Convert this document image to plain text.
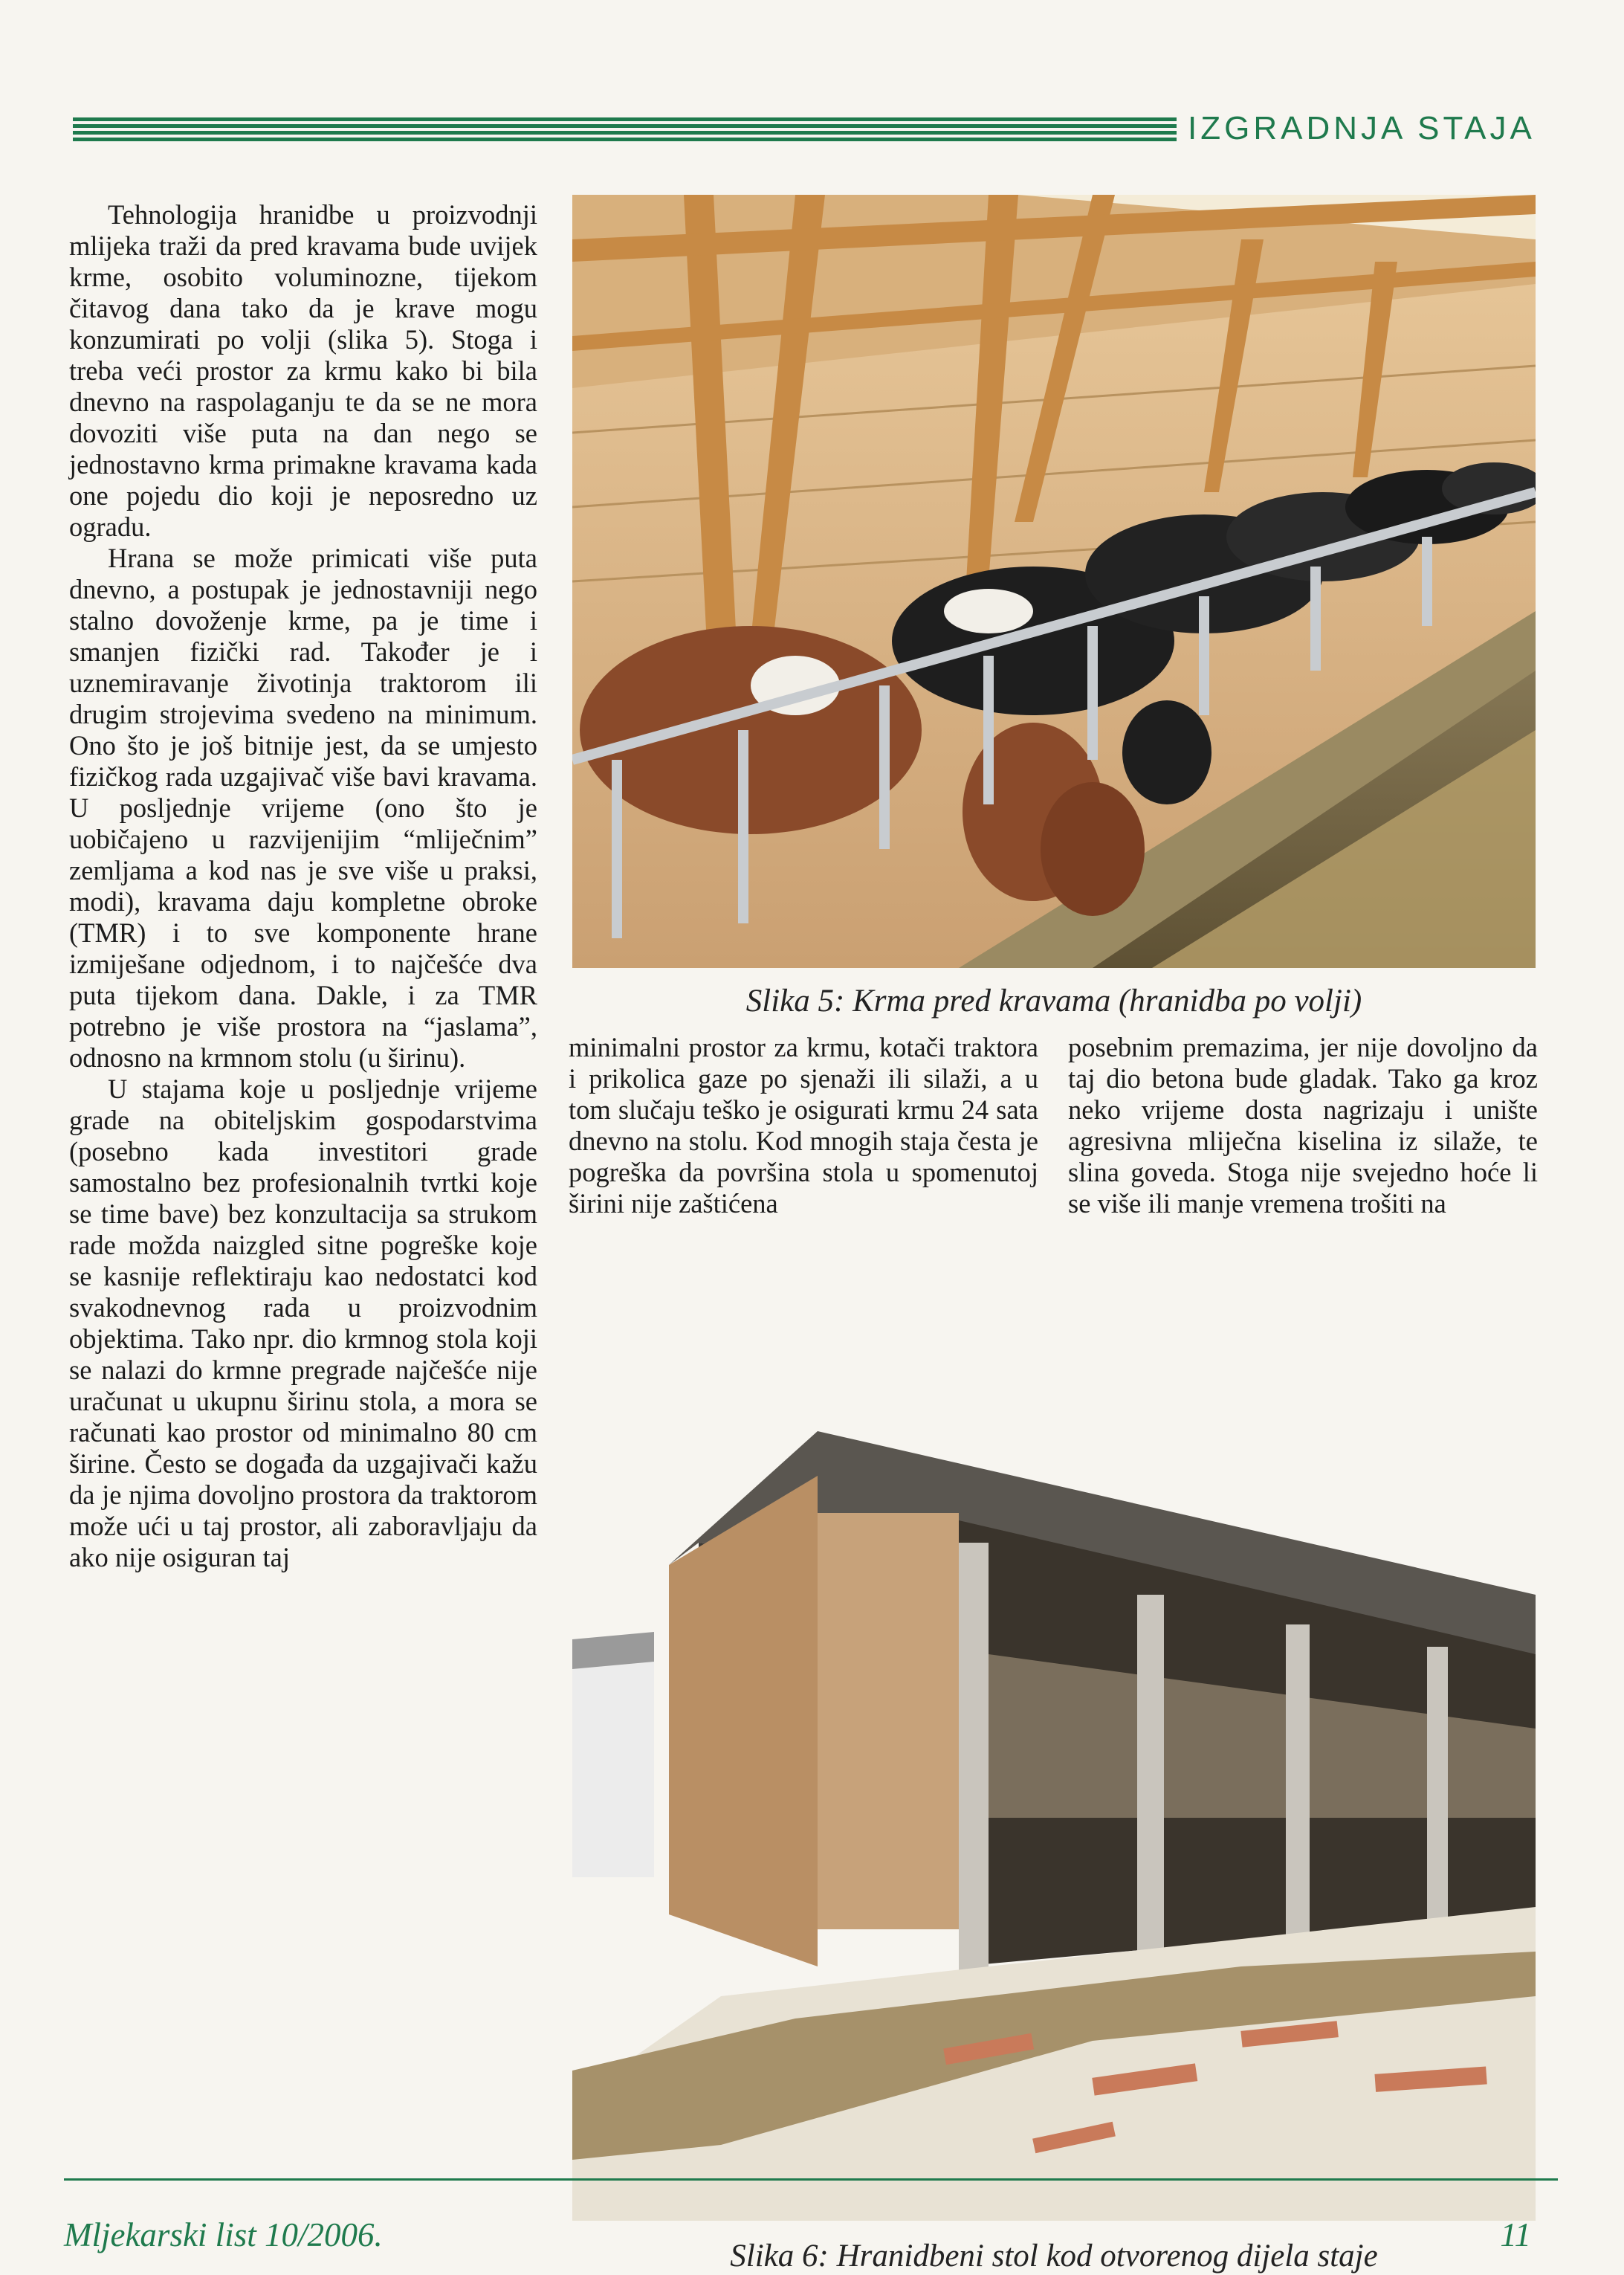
IZGRADNJA STAJA

Tehnologija hranidbe u proizvodnji mlijeka traži da pred kravama bude uvijek krme, osobito voluminozne, tijekom čitavog dana tako da je krave mogu konzumirati po volji (slika 5). Stoga i treba veći prostor za krmu kako bi bila dnevno na raspolaganju te da se ne mora dovoziti više puta na dan nego se jednostavno krma primakne kravama kada one pojedu dio koji je neposredno uz ogradu.

Hrana se može primicati više puta dnevno, a postupak je jednostavniji nego stalno dovoženje krme, pa je time i smanjen fizički rad. Također je i uznemiravanje životinja traktorom ili drugim strojevima svedeno na minimum. Ono što je još bitnije jest, da se umjesto fizičkog rada uzgajivač više bavi kravama. U posljednje vrijeme (ono što je uobičajeno u razvijenijim “mliječnim” zemljama a kod nas je sve više u praksi, modi), kravama daju kompletne obroke (TMR) i to sve komponente hrane izmiješane odjednom, i to najčešće dva puta tijekom dana. Dakle, i za TMR potrebno je više prostora na “jaslama”, odnosno na krmnom stolu (u širinu).

U stajama koje u posljednje vrijeme grade na obiteljskim gospodarstvima (posebno kada investitori grade samostalno bez profesionalnih tvrtki koje se time bave) bez konzultacija sa strukom rade možda naizgled sitne pogreške koje se kasnije reflektiraju kao nedostatci kod svakodnevnog rada u proizvodnim objektima. Tako npr. dio krmnog stola koji se nalazi do krmne pregrade najčešće nije uračunat u ukupnu širinu stola, a mora se računati kao prostor od minimalno 80 cm širine. Često se događa da uzgajivači kažu da je njima dovoljno prostora da traktorom može ući u taj prostor, ali zaboravljaju da ako nije osiguran taj

Slika 5: Krma pred kravama (hranidba po volji)

minimalni prostor za krmu, kotači traktora i prikolica gaze po sjenaži ili silaži, a u tom slučaju teško je osigurati krmu 24 sata dnevno na stolu. Kod mnogih staja česta je pogreška da površina stola u spomenutoj širini nije zaštićena

posebnim premazima, jer nije dovoljno da taj dio betona bude gladak. Tako ga kroz neko vrijeme dosta nagrizaju i unište agresivna mliječna kiselina iz silaže, te slina goveda. Stoga nije svejedno hoće li se više ili manje vremena trošiti na

Slika 6: Hranidbeni stol kod otvorenog dijela staje
Mljekarski list 10/2006.	11
